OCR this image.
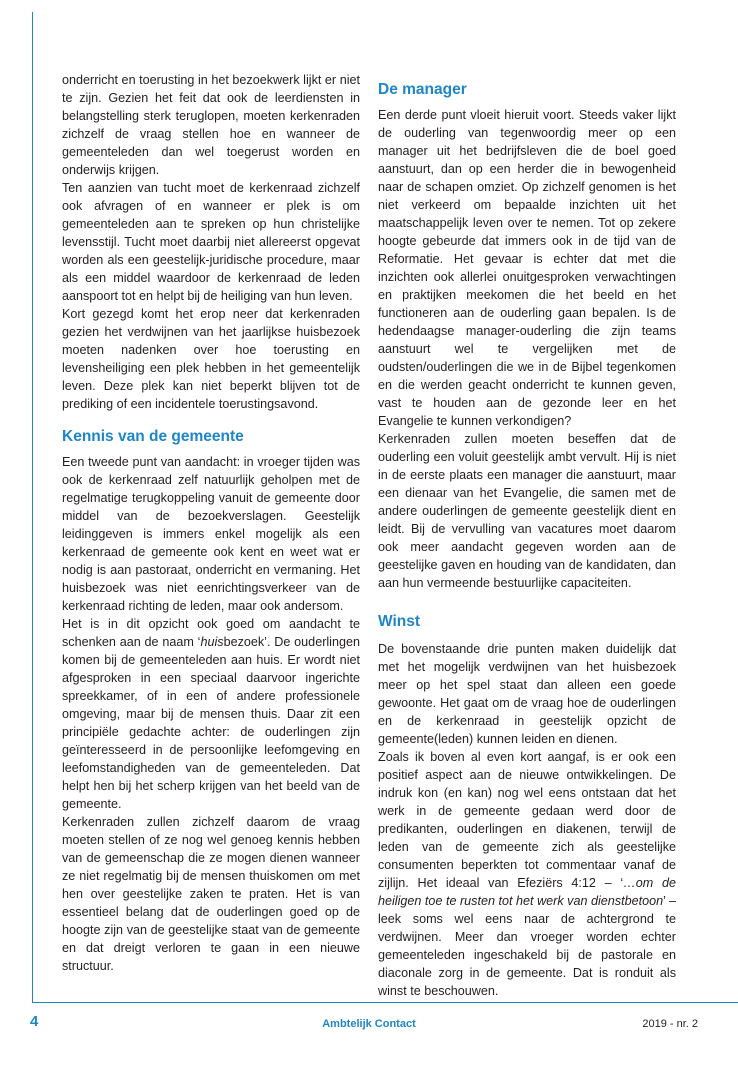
onderricht en toerusting in het bezoekwerk lijkt er niet te zijn. Gezien het feit dat ook de leerdiensten in belangstelling sterk teruglopen, moeten kerkenraden zichzelf de vraag stellen hoe en wanneer de gemeenteleden dan wel toegerust worden en onderwijs krijgen.

Ten aanzien van tucht moet de kerkenraad zichzelf ook afvragen of en wanneer er plek is om gemeenteleden aan te spreken op hun christelijke levensstijl. Tucht moet daarbij niet allereerst opgevat worden als een geestelijk-juridische procedure, maar als een middel waardoor de kerkenraad de leden aanspoort tot en helpt bij de heiliging van hun leven.

Kort gezegd komt het erop neer dat kerkenraden gezien het verdwijnen van het jaarlijkse huisbezoek moeten nadenken over hoe toerusting en levensheiliging een plek hebben in het gemeentelijk leven. Deze plek kan niet beperkt blijven tot de prediking of een incidentele toerustingsavond.

Kennis van de gemeente

Een tweede punt van aandacht: in vroeger tijden was ook de kerkenraad zelf natuurlijk geholpen met de regelmatige terugkoppeling vanuit de gemeente door middel van de bezoekverslagen. Geestelijk leidinggeven is immers enkel mogelijk als een kerkenraad de gemeente ook kent en weet wat er nodig is aan pastoraat, onderricht en vermaning. Het huisbezoek was niet eenrichtingsverkeer van de kerkenraad richting de leden, maar ook andersom.

Het is in dit opzicht ook goed om aandacht te schenken aan de naam ‘huisbezoek’. De ouderlingen komen bij de gemeenteleden aan huis. Er wordt niet afgesproken in een speciaal daarvoor ingerichte spreekkamer, of in een of andere professionele omgeving, maar bij de mensen thuis. Daar zit een principiële gedachte achter: de ouderlingen zijn geïnteresseerd in de persoonlijke leefomgeving en leefomstandigheden van de gemeenteleden. Dat helpt hen bij het scherp krijgen van het beeld van de gemeente.

Kerkenraden zullen zichzelf daarom de vraag moeten stellen of ze nog wel genoeg kennis hebben van de gemeenschap die ze mogen dienen wanneer ze niet regelmatig bij de mensen thuiskomen om met hen over geestelijke zaken te praten. Het is van essentieel belang dat de ouderlingen goed op de hoogte zijn van de geestelijke staat van de gemeente en dat dreigt verloren te gaan in een nieuwe structuur.

De manager

Een derde punt vloeit hieruit voort. Steeds vaker lijkt de ouderling van tegenwoordig meer op een manager uit het bedrijfsleven die de boel goed aanstuurt, dan op een herder die in bewogenheid naar de schapen omziet. Op zichzelf genomen is het niet verkeerd om bepaalde inzichten uit het maatschappelijk leven over te nemen. Tot op zekere hoogte gebeurde dat immers ook in de tijd van de Reformatie. Het gevaar is echter dat met die inzichten ook allerlei onuitgesproken verwachtingen en praktijken meekomen die het beeld en het functioneren aan de ouderling gaan bepalen. Is de hedendaagse manager-ouderling die zijn teams aanstuurt wel te vergelijken met de oudsten/ouderlingen die we in de Bijbel tegenkomen en die werden geacht onderricht te kunnen geven, vast te houden aan de gezonde leer en het Evangelie te kunnen verkondigen?

Kerkenraden zullen moeten beseffen dat de ouderling een voluit geestelijk ambt vervult. Hij is niet in de eerste plaats een manager die aanstuurt, maar een dienaar van het Evangelie, die samen met de andere ouderlingen de gemeente geestelijk dient en leidt. Bij de vervulling van vacatures moet daarom ook meer aandacht gegeven worden aan de geestelijke gaven en houding van de kandidaten, dan aan hun vermeende bestuurlijke capaciteiten.

Winst

De bovenstaande drie punten maken duidelijk dat met het mogelijk verdwijnen van het huisbezoek meer op het spel staat dan alleen een goede gewoonte. Het gaat om de vraag hoe de ouderlingen en de kerkenraad in geestelijk opzicht de gemeente(leden) kunnen leiden en dienen.

Zoals ik boven al even kort aangaf, is er ook een positief aspect aan de nieuwe ontwikkelingen. De indruk kon (en kan) nog wel eens ontstaan dat het werk in de gemeente gedaan werd door de predikanten, ouderlingen en diakenen, terwijl de leden van de gemeente zich als geestelijke consumenten beperkten tot commentaar vanaf de zijlijn. Het ideaal van Efeziërs 4:12 – ‘…om de heiligen toe te rusten tot het werk van dienstbetoon’ – leek soms wel eens naar de achtergrond te verdwijnen. Meer dan vroeger worden echter gemeenteleden ingeschakeld bij de pastorale en diaconale zorg in de gemeente. Dat is ronduit als winst te beschouwen.

4	Ambtelijk Contact	2019 - nr. 2
